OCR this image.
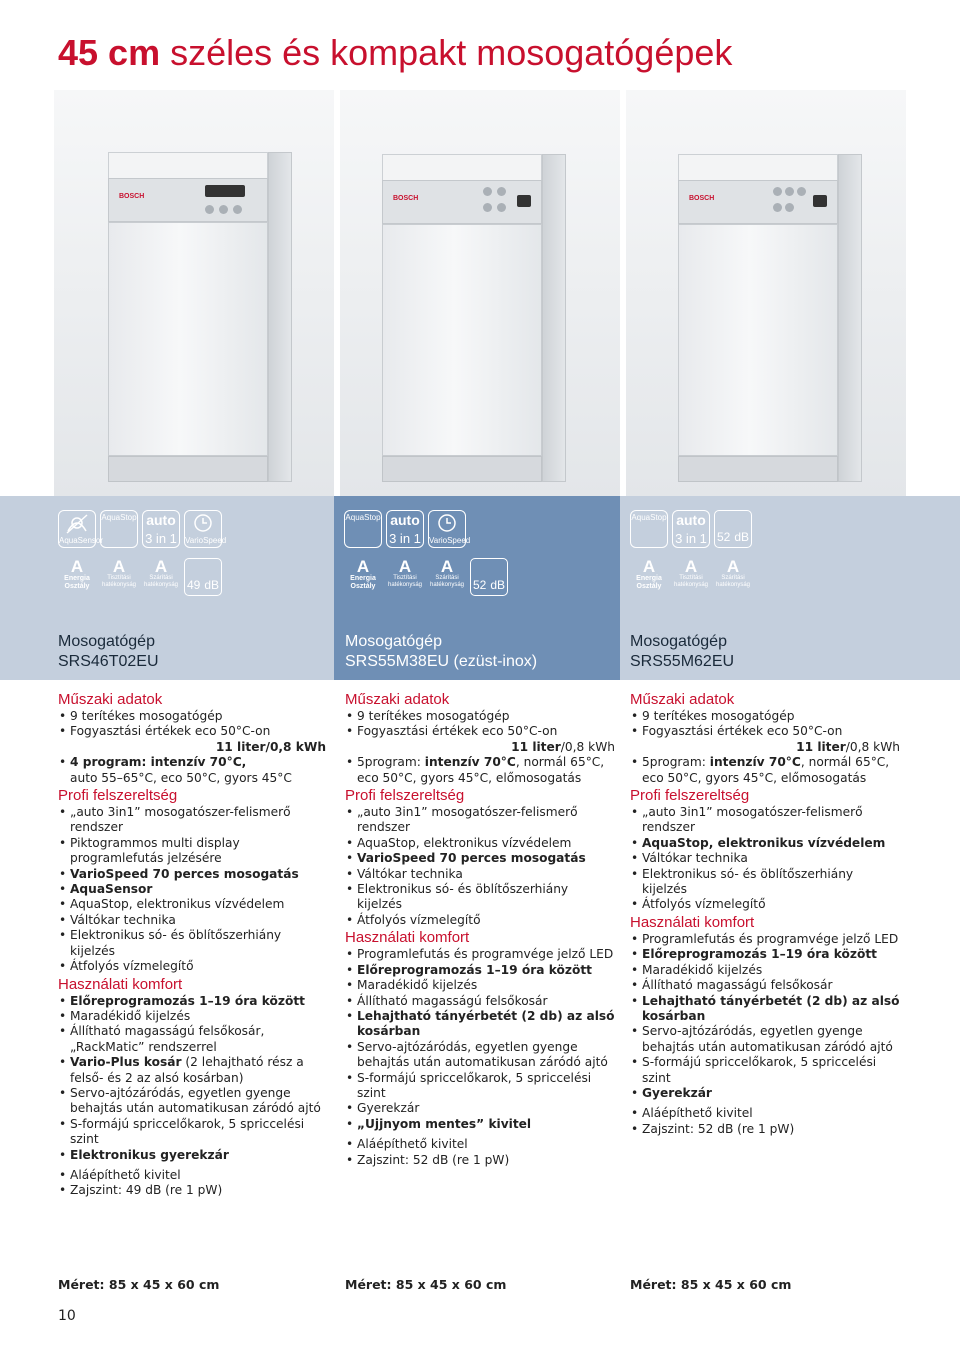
45 cm széles és kompakt mosogatógépek
BOSCH	BOSCH	BOSCH
AquaSensor
AquaStop auto
3 in 1 VarioSpeed
A
Energia
Osztály
A
Tisztítási
hatékonyság
A
Szárítási
hatékonyság 49 dB
AquaStop auto
3 in 1 VarioSpeed
A
Energia
Osztály
A
Tisztítási
hatékonyság
A
Szárítási
hatékonyság 52 dB
AquaStop auto
3 in 1 52 dB
A
Energia
Osztály
A
Tisztítási
hatékonyság
A
Szárítási
hatékonyság
Mosogatógép
SRS46T02EU
Mosogatógép
SRS55M38EU (ezüst-inox)
Mosogatógép
SRS55M62EU
Műszaki adatok
• 9 terítékes mosogatógép
• Fogyasztási értékek eco 50°C-on
11 liter/0,8 kWh
• 4 program: intenzív 70°C,
auto 55–65°C, eco 50°C, gyors 45°C
Profi felszereltség
• „auto 3in1” mosogatószer-felismerő rendszer
• Piktogrammos multi display programlefutás jelzésére
• VarioSpeed 70 perces mosogatás
• AquaSensor
• AquaStop, elektronikus vízvédelem
• Váltókar technika
• Elektronikus só- és öblítőszerhiány kijelzés
• Átfolyós vízmelegítő
Használati komfort
• Előreprogramozás 1–19 óra között
• Maradékidő kijelzés
• Állítható magasságú felsőkosár, „RackMatic” rendszerrel
• Vario-Plus kosár (2 lehajtható rész a felső- és 2 az alsó kosárban)
• Servo-ajtózáródás, egyetlen gyenge behajtás után automatikusan záródó ajtó
• S-formájú spriccelőkarok, 5 spriccelési szint
• Elektronikus gyerekzár
• Aláépíthető kivitel
• Zajszint: 49 dB (re 1 pW)
Műszaki adatok
• 9 terítékes mosogatógép
• Fogyasztási értékek eco 50°C-on
11 liter/0,8 kWh
• 5program: intenzív 70°C, normál 65°C,
eco 50°C, gyors 45°C, előmosogatás
Profi felszereltség
• „auto 3in1” mosogatószer-felismerő rendszer
• AquaStop, elektronikus vízvédelem
• VarioSpeed 70 perces mosogatás
• Váltókar technika
• Elektronikus só- és öblítőszerhiány kijelzés
• Átfolyós vízmelegítő
Használati komfort
• Programlefutás és programvége jelző LED
• Előreprogramozás 1–19 óra között
• Maradékidő kijelzés
• Állítható magasságú felsőkosár
• Lehajtható tányérbetét (2 db) az alsó kosárban
• Servo-ajtózáródás, egyetlen gyenge behajtás után automatikusan záródó ajtó
• S-formájú spriccelőkarok, 5 spriccelési szint
• Gyerekzár
• „Ujjnyom mentes” kivitel
• Aláépíthető kivitel
• Zajszint: 52 dB (re 1 pW)
Műszaki adatok
• 9 terítékes mosogatógép
• Fogyasztási értékek eco 50°C-on
11 liter/0,8 kWh
• 5program: intenzív 70°C, normál 65°C,
eco 50°C, gyors 45°C, előmosogatás
Profi felszereltség
• „auto 3in1” mosogatószer-felismerő rendszer
• AquaStop, elektronikus vízvédelem
• Váltókar technika
• Elektronikus só- és öblítőszerhiány kijelzés
• Átfolyós vízmelegítő
Használati komfort
• Programlefutás és programvége jelző LED
• Előreprogramozás 1–19 óra között
• Maradékidő kijelzés
• Állítható magasságú felsőkosár
• Lehajtható tányérbetét (2 db) az alsó kosárban
• Servo-ajtózáródás, egyetlen gyenge behajtás után automatikusan záródó ajtó
• S-formájú spriccelőkarok, 5 spriccelési szint
• Gyerekzár
• Aláépíthető kivitel
• Zajszint: 52 dB (re 1 pW)
Méret: 85 x 45 x 60 cm	Méret: 85 x 45 x 60 cm	Méret: 85 x 45 x 60 cm
10
